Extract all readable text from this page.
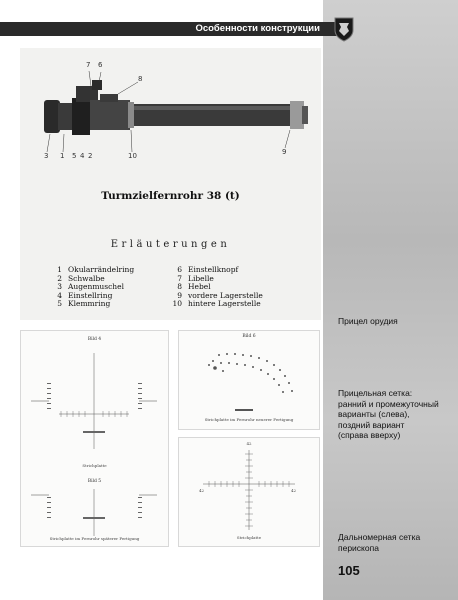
Особенности конструкции
Прицел орудия
Прицельная сетка:
ранний и промежуточный
варианты (слева),
поздний вариант
(справа вверху)
Дальномерная сетка
перископа
105
7 6
8
3 1 5 4 2	10	9
Turmzielfernrohr 38 (t)
Erläuterungen
1 Okularrändelring
2 Schwalbe
3 Augenmuschel
4 Einstellring
5 Klemmring
6 Einstellknopf
7 Libelle
8 Hebel
9 vordere Lagerstelle
10 hintere Lagerstelle
Bild 4
Strichplatte
Bild 5
Strichplatte im Fernrohr späterer Fertigung
Bild 6
Strichplatte im Fernrohr neuerer Fertigung
42
42	42
Strichplatte
